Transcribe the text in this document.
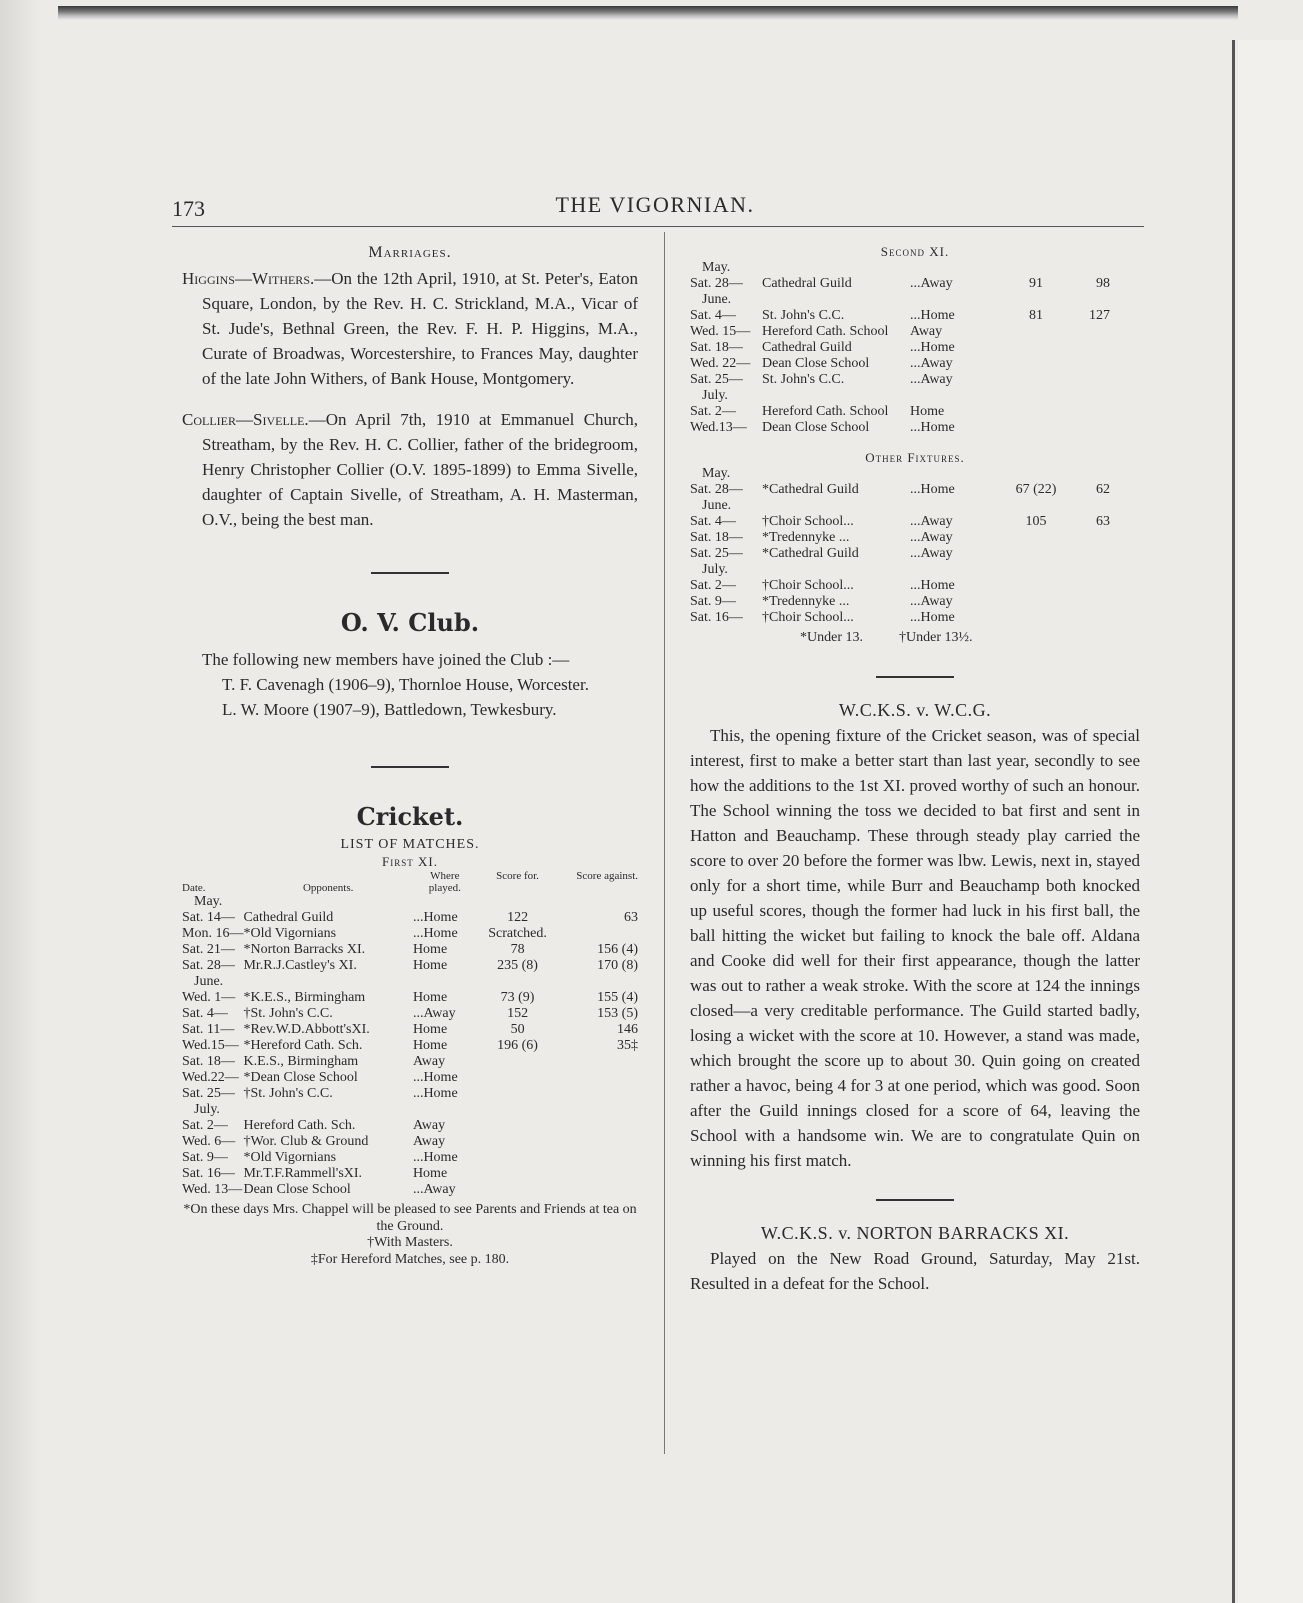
173	THE VIGORNIAN.
Marriages.
Higgins—Withers.—On the 12th April, 1910, at St. Peter's, Eaton Square, London, by the Rev. H. C. Strickland, M.A., Vicar of St. Jude's, Bethnal Green, the Rev. F. H. P. Higgins, M.A., Curate of Broadwas, Worcestershire, to Frances May, daughter of the late John Withers, of Bank House, Montgomery.
Collier—Sivelle.—On April 7th, 1910 at Emmanuel Church, Streatham, by the Rev. H. C. Collier, father of the bridegroom, Henry Christopher Collier (O.V. 1895-1899) to Emma Sivelle, daughter of Captain Sivelle, of Streatham, A. H. Masterman, O.V., being the best man.
O. V. Club.
The following new members have joined the Club :—
T. F. Cavenagh (1906–9), Thornloe House, Worcester.
L. W. Moore (1907–9), Battledown, Tewkesbury.
Cricket.
LIST OF MATCHES.
First XI.
Date.	Opponents.	Where played.	Score for.	Score against.
May.				
Sat. 14—	Cathedral Guild	...Home	122	63
Mon. 16—	*Old Vigornians	...Home	Scratched.	
Sat. 21—	*Norton Barracks XI.	Home	78	156 (4)
Sat. 28—	Mr.R.J.Castley's XI.	Home	235 (8)	170 (8)
June.				
Wed. 1—	*K.E.S., Birmingham	Home	73 (9)	155 (4)
Sat. 4—	†St. John's C.C.	...Away	152	153 (5)
Sat. 11—	*Rev.W.D.Abbott'sXI.	Home	50	146
Wed.15—	*Hereford Cath. Sch.	Home	196 (6)	35‡
Sat. 18—	K.E.S., Birmingham	Away		
Wed.22—	*Dean Close School	...Home		
Sat. 25—	†St. John's C.C.	...Home		
July.				
Sat. 2—	Hereford Cath. Sch.	Away		
Wed. 6—	†Wor. Club & Ground	Away		
Sat. 9—	*Old Vigornians	...Home		
Sat. 16—	Mr.T.F.Rammell'sXI.	Home		
Wed. 13—	Dean Close School	...Away		
*On these days Mrs. Chappel will be pleased to see Parents and Friends at tea on the Ground.
†With Masters.
‡For Hereford Matches, see p. 180.
Second XI.
May.				
Sat. 28—	Cathedral Guild	...Away	91	98
June.				
Sat. 4—	St. John's C.C.	...Home	81	127
Wed. 15—	Hereford Cath. School	Away		
Sat. 18—	Cathedral Guild	...Home		
Wed. 22—	Dean Close School	...Away		
Sat. 25—	St. John's C.C.	...Away		
July.				
Sat. 2—	Hereford Cath. School	Home		
Wed.13—	Dean Close School	...Home		
Other Fixtures.
May.				
Sat. 28—	*Cathedral Guild	...Home	67 (22)	62
June.				
Sat. 4—	†Choir School...	...Away	105	63
Sat. 18—	*Tredennyke ...	...Away		
Sat. 25—	*Cathedral Guild	...Away		
July.				
Sat. 2—	†Choir School...	...Home		
Sat. 9—	*Tredennyke ...	...Away		
Sat. 16—	†Choir School...	...Home		
*Under 13.	†Under 13½.
W.C.K.S. v. W.C.G.
This, the opening fixture of the Cricket season, was of special interest, first to make a better start than last year, secondly to see how the additions to the 1st XI. proved worthy of such an honour. The School winning the toss we decided to bat first and sent in Hatton and Beauchamp. These through steady play carried the score to over 20 before the former was lbw. Lewis, next in, stayed only for a short time, while Burr and Beauchamp both knocked up useful scores, though the former had luck in his first ball, the ball hitting the wicket but failing to knock the bale off. Aldana and Cooke did well for their first appearance, though the latter was out to rather a weak stroke. With the score at 124 the innings closed—a very creditable performance. The Guild started badly, losing a wicket with the score at 10. However, a stand was made, which brought the score up to about 30. Quin going on created rather a havoc, being 4 for 3 at one period, which was good. Soon after the Guild innings closed for a score of 64, leaving the School with a handsome win. We are to congratulate Quin on winning his first match.
W.C.K.S. v. NORTON BARRACKS XI.
Played on the New Road Ground, Saturday, May 21st. Resulted in a defeat for the School.
